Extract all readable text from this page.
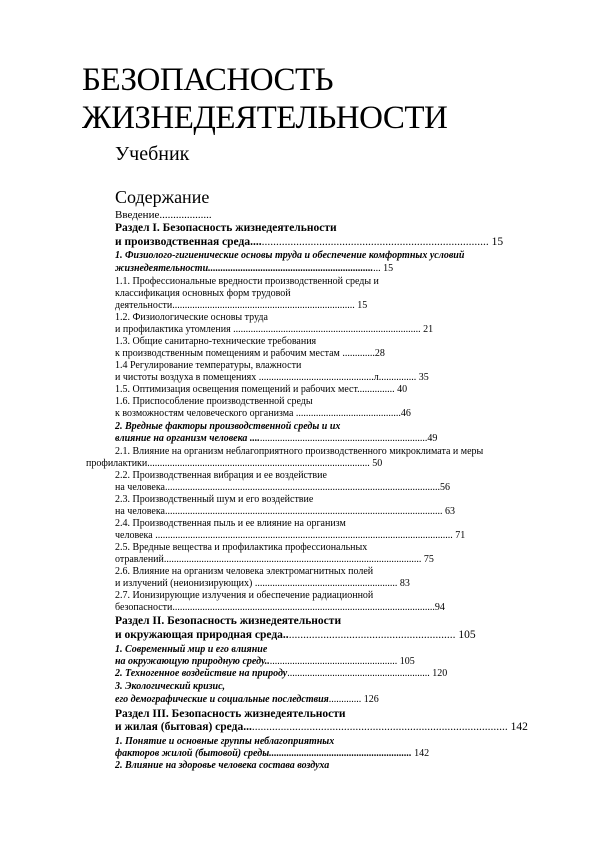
БЕЗОПАСНОСТЬ
ЖИЗНЕДЕЯТЕЛЬНОСТИ
Учебник
Содержание
Введение...................
Раздел I. Безопасность жизнедеятельности
и производственная среда................................................................................... 15
1. Физиолого-гигиенические основы труда и обеспечение комфортных условий
жизнедеятельности..................................................................... 15
1.1. Профессиональные вредности производственной среды и
классификация основных форм трудовой
деятельности......................................................................... 15
1.2. Физиологические основы труда
и профилактика утомления ........................................................................... 21
1.3. Общие санитарно-технические требования
к производственным помещениям и рабочим местам .............28
1.4 Регулирование температуры, влажности
и чистоты воздуха в помещениях ..............................................л............... 35
1.5. Оптимизация освещения помещений и рабочих мест............... 40
1.6. Приспособление производственной среды
к возможностям человеческого организма ..........................................46
2. Вредные факторы производственной среды и их
влияние на организм человека .......................................................................49
2.1. Влияние на организм неблагоприятного производственного микроклимата и меры
профилактики......................................................................................... 50
2.2. Производственная вибрация и ее воздействие
на человека..............................................................................................................56
2.3. Производственный шум и его воздействие
на человека............................................................................................................... 63
2.4. Производственная пыль и ее влияние на организм
человека ....................................................................................................................... 71
2.5. Вредные вещества и профилактика профессиональных
отравлений....................................................................................................... 75
2.6. Влияние на организм человека электромагнитных полей
и излучений (неионизирующих) ......................................................... 83
2.7. Ионизирующие излучения и обеспечение радиационной
безопасности.........................................................................................................94
Раздел II. Безопасность жизнедеятельности
и окружающая природная среда............................................................ 105
1. Современный мир и его влияние
на окружающую природную среду..................................................... 105
2. Техногенное воздействие на природу......................................................... 120
3. Экологический кризис,
его демографические и социальные последствия............. 126
Раздел III. Безопасность жизнедеятельности
и жилая (бытовая) среда............................................................................................ 142
1. Понятие и основные группы неблагоприятных
факторов жилой (бытовой) среды......................................................... 142
2. Влияние на здоровье человека состава воздуха
